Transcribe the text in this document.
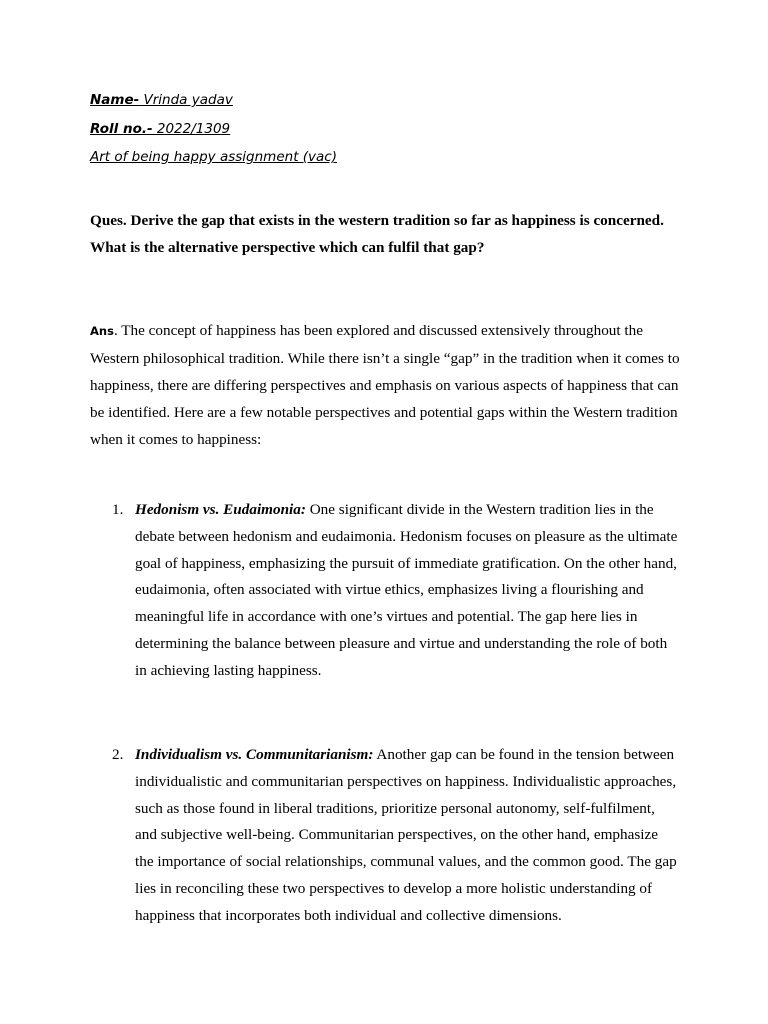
Name- Vrinda yadav
Roll no.- 2022/1309
Art of being happy assignment (vac)
Ques. Derive the gap that exists in the western tradition so far as happiness is concerned. What is the alternative perspective which can fulfil that gap?
Ans. The concept of happiness has been explored and discussed extensively throughout the Western philosophical tradition. While there isn’t a single “gap” in the tradition when it comes to happiness, there are differing perspectives and emphasis on various aspects of happiness that can be identified. Here are a few notable perspectives and potential gaps within the Western tradition when it comes to happiness:
1. Hedonism vs. Eudaimonia: One significant divide in the Western tradition lies in the debate between hedonism and eudaimonia. Hedonism focuses on pleasure as the ultimate goal of happiness, emphasizing the pursuit of immediate gratification. On the other hand, eudaimonia, often associated with virtue ethics, emphasizes living a flourishing and meaningful life in accordance with one’s virtues and potential. The gap here lies in determining the balance between pleasure and virtue and understanding the role of both in achieving lasting happiness.
2. Individualism vs. Communitarianism: Another gap can be found in the tension between individualistic and communitarian perspectives on happiness. Individualistic approaches, such as those found in liberal traditions, prioritize personal autonomy, self-fulfilment, and subjective well-being. Communitarian perspectives, on the other hand, emphasize the importance of social relationships, communal values, and the common good. The gap lies in reconciling these two perspectives to develop a more holistic understanding of happiness that incorporates both individual and collective dimensions.
